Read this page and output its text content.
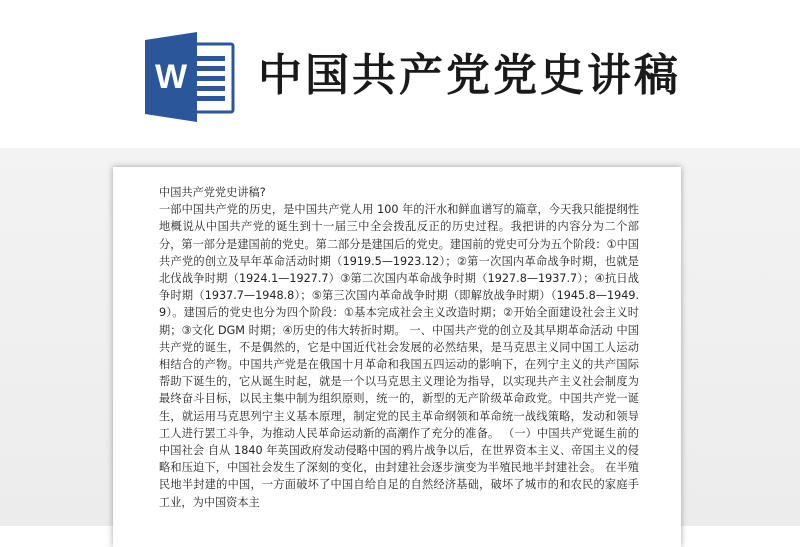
W 中国共产党党史讲稿

中国共产党党史讲稿?

一部中国共产党的历史，是中国共产党人用 100 年的汗水和鲜血谱写的篇章，今天我只能提纲性地概说从中国共产党的诞生到十一届三中全会拨乱反正的历史过程。我把讲的内容分为二个部分，第一部分是建国前的党史。第二部分是建国后的党史。建国前的党史可分为五个阶段：①中国共产党的创立及早年革命活动时期（1919.5—1923.12）；②第一次国内革命战争时期，也就是北伐战争时期（1924.1—1927.7）③第二次国内革命战争时期（1927.8—1937.7）；④抗日战争时期（1937.7—1948.8）；⑤第三次国内革命战争时期（即解放战争时期）（1945.8—1949.9）。建国后的党史也分为四个阶段：①基本完成社会主义改造时期；②开始全面建设社会主义时期；③文化 DGM 时期；④历史的伟大转折时期。 一、中国共产党的创立及其早期革命活动 中国共产党的诞生，不是偶然的，它是中国近代社会发展的必然结果，是马克思主义同中国工人运动相结合的产物。中国共产党是在俄国十月革命和我国五四运动的影响下，在列宁主义的共产国际帮助下诞生的，它从诞生时起，就是一个以马克思主义理论为指导，以实现共产主义社会制度为最终奋斗目标，以民主集中制为组织原则，统一的，新型的无产阶级革命政党。中国共产党一诞生，就运用马克思列宁主义基本原理，制定党的民主革命纲领和革命统一战线策略，发动和领导工人进行罢工斗争，为推动人民革命运动新的高潮作了充分的准备。 （一）中国共产党诞生前的中国社会 自从 1840 年英国政府发动侵略中国的鸦片战争以后，在世界资本主义、帝国主义的侵略和压迫下，中国社会发生了深刻的变化，由封建社会逐步演变为半殖民地半封建社会。 在半殖民地半封建的中国，一方面破坏了中国自给自足的自然经济基础，破坏了城市的和农民的家庭手工业，为中国资本主
